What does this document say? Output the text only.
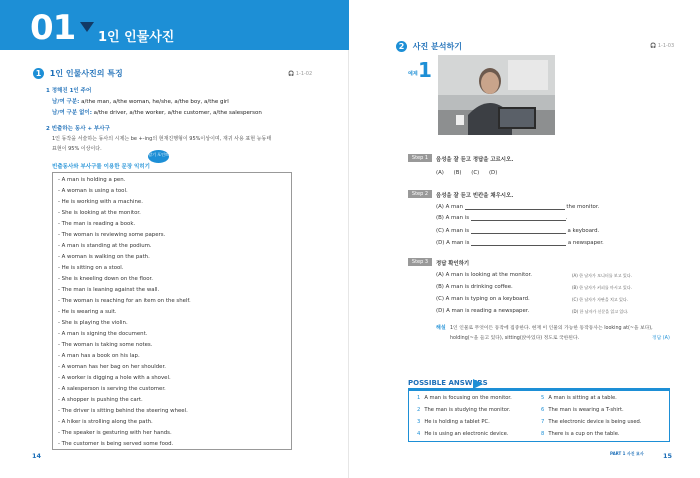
01 1인 인물사진
1 1인 인물사진의 특징	🎧 1-1-02
1 정해진 1인 주어
남/여 구분: a/the man, a/the woman, he/she, a/the boy, a/the girl
남/여 구분 없이: a/the driver, a/the worker, a/the customer, a/the salesperson
2 빈출하는 동사 + 부사구
1인 동작을 서술하는 동사의 시제는 be +-ing의 현재진행형이 95%이상이며, 재귀 사용 표현 능동태
표현이 95% 이상이다.
빈출동사와 부사구를 이용한 문장 익히기
암기 포인트
- A man is holding a pen.
- A woman is using a tool.
- He is working with a machine.
- She is looking at the monitor.
- The man is reading a book.
- The woman is reviewing some papers.
- A man is standing at the podium.
- A woman is walking on the path.
- He is sitting on a stool.
- She is kneeling down on the floor.
- The man is leaning against the wall.
- The woman is reaching for an item on the shelf.
- He is wearing a suit.
- She is playing the violin.
- A man is signing the document.
- The woman is taking some notes.
- A man has a book on his lap.
- A woman has her bag on her shoulder.
- A worker is digging a hole with a shovel.
- A salesperson is serving the customer.
- A shopper is pushing the cart.
- The driver is sitting behind the steering wheel.
- A hiker is strolling along the path.
- The speaker is gesturing with her hands.
- The customer is being served some food.
14
2 사진 분석하기	🎧 1-1-03
예제 1
Step 1	음성을 잘 듣고 정답을 고르시오.
(A) (B) (C) (D)
Step 2	음성을 잘 듣고 빈칸을 채우시오.
(A) A man	the monitor.
(B) A man is	.
(C) A man is	a keyboard.
(D) A man is	a newspaper.
Step 3	정답 확인하기
(A) A man is looking at the monitor.	(A) 한 남자가 모니터를 보고 있다.
(B) A man is drinking coffee.	(B) 한 남자가 커피를 마시고 있다.
(C) A man is typing on a keyboard.	(C) 한 남자가 자판을 치고 있다.
(D) A man is reading a newspaper.	(D) 한 남자가 신문을 읽고 있다.
해설 1인 인물로 무엇이든 동작에 집중한다. 현재 이 인물의 가능한 동작동사는 looking at(~을 보다),
holding(~을 들고 있다), sitting(앉아있다) 정도로 국한된다.	정답 (A)
POSSIBLE ANSWERS
1 A man is focusing on the monitor.
2 The man is studying the monitor.
3 He is holding a tablet PC.
4 He is using an electronic device.
5 A man is sitting at a table.
6 The man is wearing a T-shirt.
7 The electronic device is being used.
8 There is a cup on the table.
PART 1 사진 묘사	15
